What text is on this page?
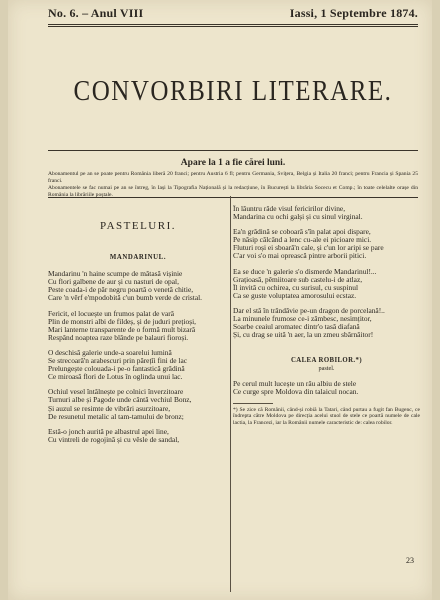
No. 6. – Anul VIII	Iassi, 1 Septembre 1874.
CONVORBIRI LITERARE.
Apare la 1 a fie cărei luni.
Abonamentul pe an se poate pentru România liberă 20 franci; pentru Austria 6 fl; pentru Germania, Sviţera, Belgia și Italia 20 franci; pentru Francia și Spania 25 franci.
Abonamentele se fac numai pe an se întreg, în Iași la Tipografia Națională și la redacțiune, în București la librăria Socecu et Comp.; în toate celelalte orașe din România la librăriile poștale.
PASTELURI.
MANDARINUL.
Mandarinu 'n haine scumpe de mătasă vișinie
Cu flori galbene de aur și cu nasturi de opal,
Peste coada-i de păr negru poartă o venetă chitie,
Care 'n vêrf e'mpodobită c'un bumb verde de cristal.
Fericit, el locuește un frumos palat de vară
Plin de monstri albi de fildeș, și de juduri prețioși,
Mari lanterne transparente de o formă mult bizară
Respând noaptea raze blânde pe balauri fioroși.
O deschisă galerie unde-a soarelui lumină
Se strecoară'n arabescuri prin părețîi fini de lac
Prelungește colouada-i pe-o fantastică grădină
Ce miroasă flori de Lotus în oglinda unui lac.
Ochiul vesel întâlnește pe colnici înverzitoare
Turnuri albe și Pagode unde cântă vechiul Bonz,
Și auzul se resimte de vibrări asurzitoare,
De resunetul metalic al tam-tamului de bronz;
Estă-o jonch aurită pe albastrul apei line,
Cu vintreli de rogojină și cu vêsle de sandal,
În lăuntru râde visul fericirilor divine,
Mandarina cu ochi galși și cu sinul virginal.
Ea'n grădină se coboară s'în palat apoi dispare,
Pe năsip călcând a lenc cu-ale ei picioare mici.
Fluturi roși ei sboară'n cale, și c'un lor aripi se pare
C'ar voi s'o mai oprească pintre arborii pitici.
Ea se duce 'n galerie s'o dismerde Mandarinul!...
Grațioasă, pêmiitoare sub castelu-i de atlaz,
Îl invită cu ochirea, cu surisul, cu suspinul
Ca se guste voluptatea amorosului ecstaz.
Dar el stă în trândăvie pe-un dragon de porcelană!..
La minunele frumose ce-i zâmbesc, nesimțitor,
Soarbe ceaiul aromatec dintr'o tasă diafană
Și, cu drag se uită 'n aer, la un zmeu sbârnâitor!
CALEA ROBILOR.*)
pastel.
Pe cerul mult lucește un râu albiu de stele
Ce curge spre Moldova din talaicul nocan.
*) Se zice că Românii, când-și robiă la Tatari, când purtau a fugit fan Bugenc, ce îndrepta către Moldova pe direcția acelui stuol de stele ce poartă numele de cale lactia, la Francezi, iar la Românii numele caracteristic de: calea robilor.
23
